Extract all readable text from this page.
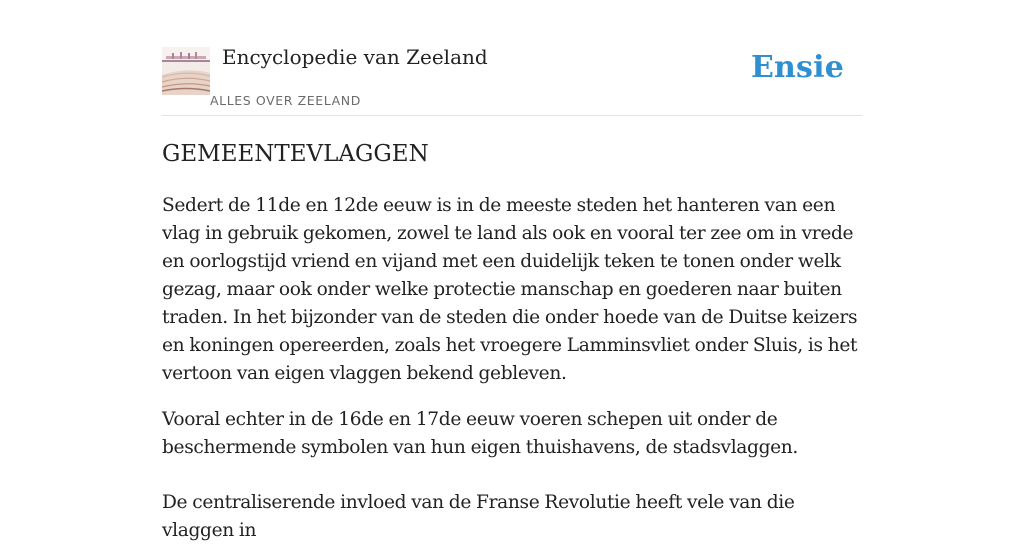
Encyclopedie van Zeeland
ALLES OVER ZEELAND
Ensie
GEMEENTEVLAGGEN

Sedert de 11de en 12de eeuw is in de meeste steden het hanteren van een vlag in gebruik gekomen, zowel te land als ook en vooral ter zee om in vrede en oorlogstijd vriend en vijand met een duidelijk teken te tonen onder welk gezag, maar ook onder welke protectie manschap en goederen naar buiten traden. In het bijzonder van de steden die onder hoede van de Duitse keizers en koningen opereerden, zoals het vroegere Lamminsvliet onder Sluis, is het vertoon van eigen vlaggen bekend gebleven.

Vooral echter in de 16de en 17de eeuw voeren schepen uit onder de beschermende symbolen van hun eigen thuishavens, de stadsvlaggen.

De centraliserende invloed van de Franse Revolutie heeft vele van die vlaggen in
